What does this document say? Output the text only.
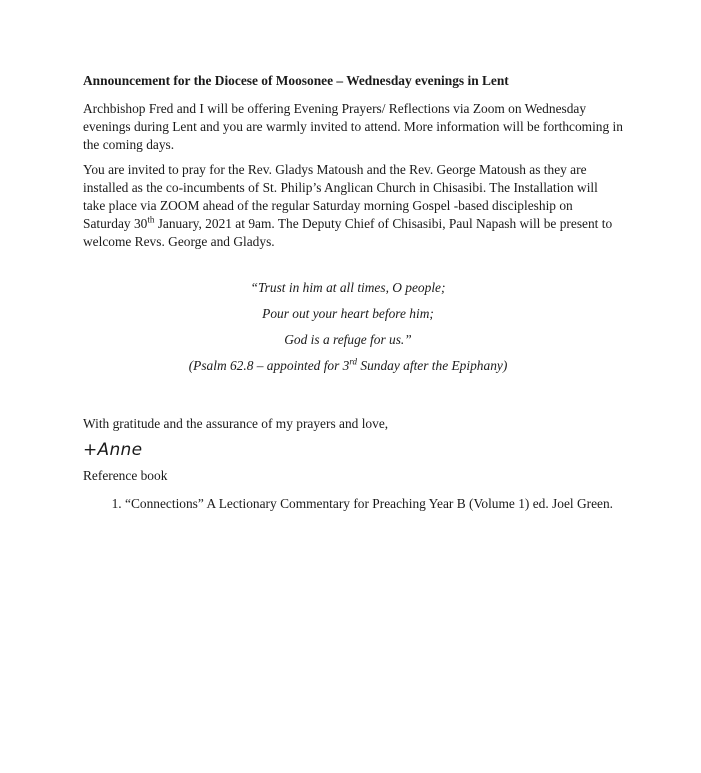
Announcement for the Diocese of Moosonee – Wednesday evenings in Lent

Archbishop Fred and I will be offering Evening Prayers/ Reflections via Zoom on Wednesday evenings during Lent and you are warmly invited to attend. More information will be forthcoming in the coming days.

You are invited to pray for the Rev. Gladys Matoush and the Rev. George Matoush as they are installed as the co-incumbents of St. Philip’s Anglican Church in Chisasibi. The Installation will take place via ZOOM ahead of the regular Saturday morning Gospel -based discipleship on Saturday 30th January, 2021 at 9am. The Deputy Chief of Chisasibi, Paul Napash will be present to welcome Revs. George and Gladys.

“Trust in him at all times, O people;
Pour out your heart before him;
God is a refuge for us.”
(Psalm 62.8 – appointed for 3rd Sunday after the Epiphany)
With gratitude and the assurance of my prayers and love,
+Anne
Reference book
1. “Connections” A Lectionary Commentary for Preaching Year B (Volume 1) ed. Joel Green.
